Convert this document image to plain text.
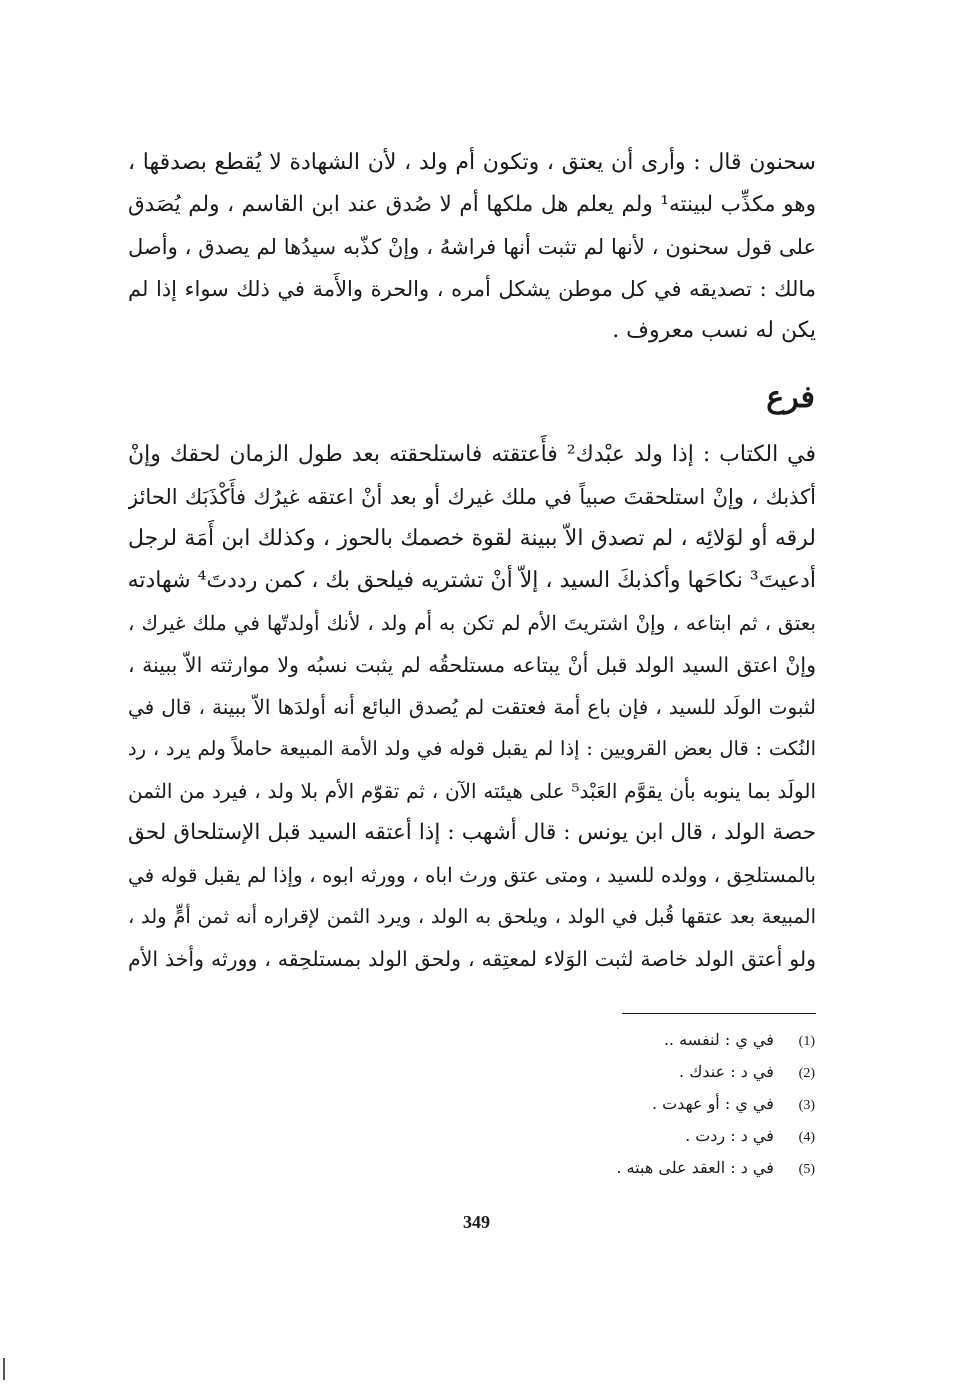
سحنون قال : وأرى أن يعتق ، وتكون أم ولد ، لأن الشهادة لا يُقطع بصدقها ،
وهو مكذِّب لبينته¹ ولم يعلم هل ملكها أم لا صُدق عند ابن القاسم ، ولم يُصَدق
على قول سحنون ، لأنها لم تثبت أنها فراشهُ ، وإنْ كذّبه سيدُها لم يصدق ، وأصل
مالك : تصديقه في كل موطن يشكل أمره ، والحرة والأَمة في ذلك سواء إذا لم
يكن له نسب معروف .
فرع
في الكتاب : إذا ولد عبْدك² فأَعتقته فاستلحقته بعد طول الزمان لحقك وإنْ
أكذبك ، وإنْ استلحقتَ صبياً في ملك غيرك أو بعد أنْ اعتقه غيرُك فأَكْذَبَك الحائز
لرقه أو لوَلائِه ، لم تصدق الاّ ببينة لقوة خصمك بالحوز ، وكذلك ابن أَمَة لرجل
أدعيتَ³ نكاحَها وأكذبكَ السيد ، إلاّ أنْ تشتريه فيلحق بك ، كمن رددتَ⁴ شهادته
بعتق ، ثم ابتاعه ، وإنْ اشتريتَ الأم لم تكن به أم ولد ، لأنك أولدتّها في ملك غيرك ،
وإنْ اعتق السيد الولد قبل أنْ يبتاعه مستلحقُه لم يثبت نسبُه ولا موارثته الاّ ببينة ،
لثبوت الولَد للسيد ، فإن باع أمة فعتقت لم يُصدق البائع أنه أولدَها الاّ ببينة ، قال في
النُكت : قال بعض القرويين : إذا لم يقبل قوله في ولد الأمة المبيعة حاملاً ولم يرد ، رد
الولَد بما ينوبه بأن يقوَّم العَبْد⁵ على هيئته الآن ، ثم تقوّم الأم بلا ولد ، فيرد من الثمن
حصة الولد ، قال ابن يونس : قال أشهب : إذا أعتقه السيد قبل الإستلحاق لحق
بالمستلحِق ، وولده للسيد ، ومتى عتق ورث اباه ، وورثه ابوه ، وإذا لم يقبل قوله في
المبيعة بعد عتقها قُبل في الولد ، ويلحق به الولد ، ويرد الثمن لإقراره أنه ثمن أمٍّ ولد ،
ولو أعتق الولد خاصة لثبت الوَلاء لمعتِقه ، ولحق الولد بمستلحِقه ، وورثه وأخذ الأم
(1) في ي : لنفسه ..
(2) في د : عندك .
(3) في ي : أو عهدت .
(4) في د : ردت .
(5) في د : العقد على هبته .
349
